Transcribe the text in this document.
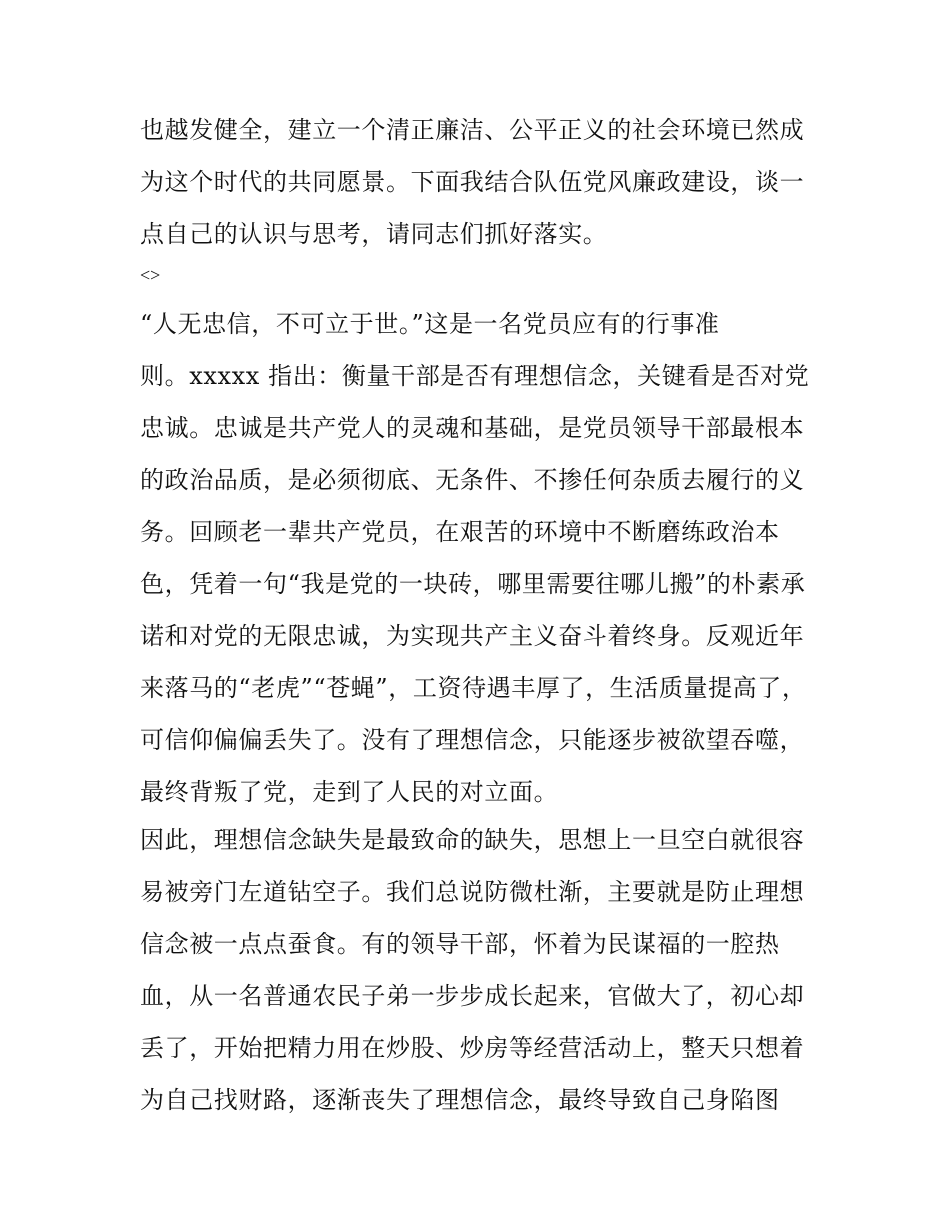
也越发健全，建立一个清正廉洁、公平正义的社会环境已然成
为这个时代的共同愿景。下面我结合队伍党风廉政建设，谈一
点自己的认识与思考，请同志们抓好落实。
<>
“人无忠信，不可立于世。”这是一名党员应有的行事准
则。xxxxx 指出：衡量干部是否有理想信念，关键看是否对党
忠诚。忠诚是共产党人的灵魂和基础，是党员领导干部最根本
的政治品质，是必须彻底、无条件、不掺任何杂质去履行的义
务。回顾老一辈共产党员，在艰苦的环境中不断磨练政治本
色，凭着一句“我是党的一块砖，哪里需要往哪儿搬”的朴素承
诺和对党的无限忠诚，为实现共产主义奋斗着终身。反观近年
来落马的“老虎”“苍蝇”，工资待遇丰厚了，生活质量提高了，
可信仰偏偏丢失了。没有了理想信念，只能逐步被欲望吞噬，
最终背叛了党，走到了人民的对立面。
因此，理想信念缺失是最致命的缺失，思想上一旦空白就很容
易被旁门左道钻空子。我们总说防微杜渐，主要就是防止理想
信念被一点点蚕食。有的领导干部，怀着为民谋福的一腔热
血，从一名普通农民子弟一步步成长起来，官做大了，初心却
丢了，开始把精力用在炒股、炒房等经营活动上，整天只想着
为自己找财路，逐渐丧失了理想信念，最终导致自己身陷图
